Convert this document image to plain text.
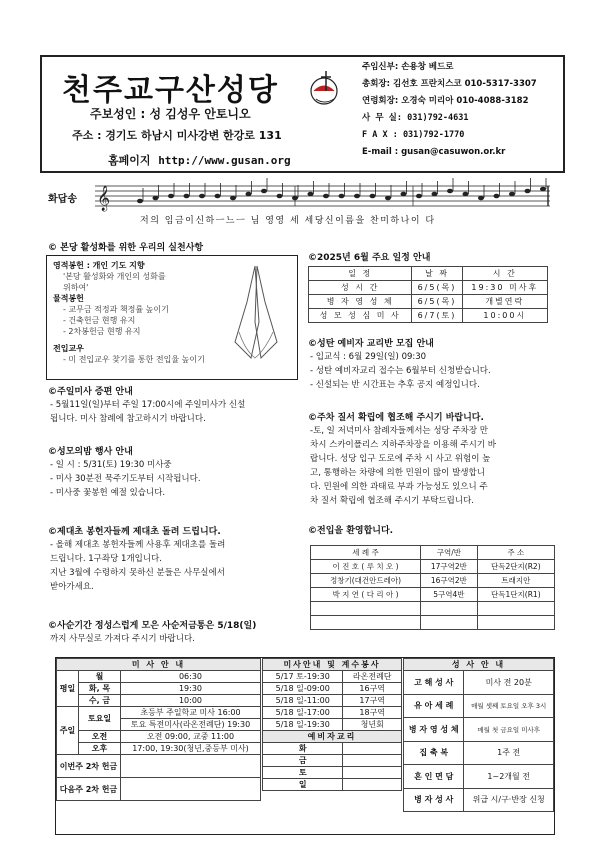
천주교구산성당
주보성인 : 성 김성우 안토니오
주소 : 경기도 하남시 미사강변 한강로 131
홈페이지 http://www.gusan.org
주임신부: 손용창 베드로
총회장: 김선호 프란치스코 010-5317-3307
연령회장: 오경숙 미리아 010-4088-3182
사 무 실: 031)792-4631
F A X : 031)792-1770
E-mail : gusan@casuwon.or.kr
화답송 𝄞
저의 임금이신하ㅡ느ㅡ 님 영영 세 세당신이름을 찬미하나이 다
© 본당 활성화를 위한 우리의 실천사항
영적봉헌 : 개인 기도 지향
'본당 활성화와 개인의 성화를
위하여'
물적봉헌
- 교무금 적정과 책정률 높이기
- 건축헌금 현행 유지
- 2차봉헌금 현행 유지
전입교우
- 미 전입교우 찾기를 통한 전입율 높이기
©주일미사 증편 안내
- 5월11일(일)부터 주일 17:00시에 주일미사가 신설
됩니다. 미사 참례에 참고하시기 바랍니다.
©성모의밤 행사 안내
- 일 시 : 5/31(토) 19:30 미사중
- 미사 30분전 묵주기도부터 시작됩니다.
- 미사중 꽃봉헌 예절 있습니다.
©제대초 봉헌자들께 제대초 돌려 드립니다.
- 올해 제대초 봉헌자들께 사용후 제대초를 돌려
드립니다. 1구좌당 1개입니다.
지난 3월에 수령하지 못하신 분들은 사무실에서
받아가세요.
©사순기간 정성스럽게 모은 사순저금통은 5/18(일)
까지 사무실로 가져다 주시기 바랍니다.
©2025년 6월 주요 일정 안내
일 정	날 짜	시 간
성 시 간	6/5(목)	19:30 미사후
병 자 영 성 체	6/5(목)	개별연락
성 모 성 심 미 사	6/7(토)	10:00시
©성탄 예비자 교리반 모집 안내
- 입교식 : 6월 29일(일) 09:30
- 성탄 예비자교리 접수는 6월부터 신청받습니다.
- 신설되는 반 시간표는 추후 공지 예정입니다.
©주차 질서 확립에 협조해 주시기 바랍니다.
-토, 일 저녁미사 참례자들께서는 성당 주차장 만
차시 스카이폴리스 지하주차장을 이용해 주시기 바
랍니다. 성당 입구 도로에 주차 시 사고 위험이 높
고, 통행하는 차량에 의한 민원이 많이 발생합니
다. 민원에 의한 과태료 부과 가능성도 있으니 주
차 질서 확립에 협조해 주시기 부탁드립니다.
©전입을 환영합니다.
세 례 주	구역/반	주 소
이 진 호 ( 루 치 오 )	17구역2반	단독2단지(R2)
정창기(대건안드레아)	16구역2반	트래지안
박 지 연 ( 다 리 아 )	5구역4반	단독1단지(R1)

미 사 안 내		
평일	월	06:30
	화, 목	19:30
	수, 금	10:00
주일	토요일	초등부 주일학교 미사 16:00
		토요 특전미사(라온전례단) 19:30
	오전	오전 09:00, 교중 11:00
	오후	17:00, 19:30(청년,중등부 미사)
이번주 2차 헌금		
다음주 2차 헌금		
미사안내 및 계수봉사	
5/17 토-19:30	라온전례단
5/18 일-09:00	16구역
5/18 일-11:00	17구역
5/18 일-17:00	18구역
5/18 일-19:30	청년회
예비자교리	
화	
금	
토	
일	
성 사 안 내	
고 해 성 사	미사 전 20분
유 아 세 례	매월 셋째 토요일 오후 3시
병 자 영 성 체	매월 첫 금요일 미사후
집 축 복	1주 전
혼 인 면 담	1~2개월 전
병 자 성 사	위급 시/구·반장 신청
